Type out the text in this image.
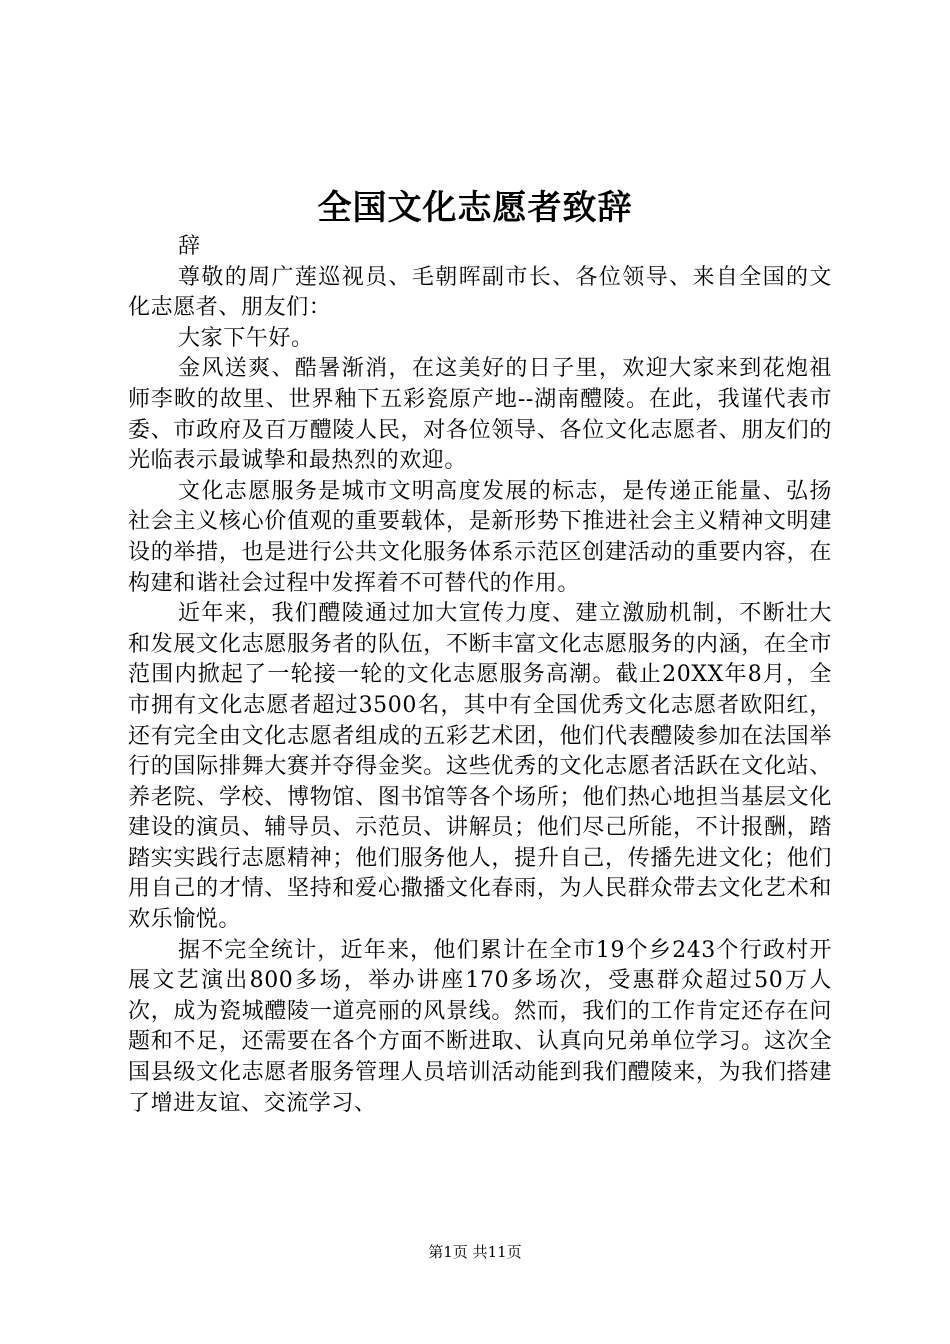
全国文化志愿者致辞

辞

尊敬的周广莲巡视员、毛朝晖副市长、各位领导、来自全国的文化志愿者、朋友们：

大家下午好。

金风送爽、酷暑渐消，在这美好的日子里，欢迎大家来到花炮祖师李畋的故里、世界釉下五彩瓷原产地--湖南醴陵。在此，我谨代表市委、市政府及百万醴陵人民，对各位领导、各位文化志愿者、朋友们的光临表示最诚挚和最热烈的欢迎。

文化志愿服务是城市文明高度发展的标志，是传递正能量、弘扬社会主义核心价值观的重要载体，是新形势下推进社会主义精神文明建设的举措，也是进行公共文化服务体系示范区创建活动的重要内容，在构建和谐社会过程中发挥着不可替代的作用。

近年来，我们醴陵通过加大宣传力度、建立激励机制，不断壮大和发展文化志愿服务者的队伍，不断丰富文化志愿服务的内涵，在全市范围内掀起了一轮接一轮的文化志愿服务高潮。截止20XX年8月，全市拥有文化志愿者超过3500名，其中有全国优秀文化志愿者欧阳红，还有完全由文化志愿者组成的五彩艺术团，他们代表醴陵参加在法国举行的国际排舞大赛并夺得金奖。这些优秀的文化志愿者活跃在文化站、养老院、学校、博物馆、图书馆等各个场所；他们热心地担当基层文化建设的演员、辅导员、示范员、讲解员；他们尽己所能，不计报酬，踏踏实实践行志愿精神；他们服务他人，提升自己，传播先进文化；他们用自己的才情、坚持和爱心撒播文化春雨，为人民群众带去文化艺术和欢乐愉悦。

据不完全统计，近年来，他们累计在全市19个乡243个行政村开展文艺演出800多场，举办讲座170多场次，受惠群众超过50万人次，成为瓷城醴陵一道亮丽的风景线。然而，我们的工作肯定还存在问题和不足，还需要在各个方面不断进取、认真向兄弟单位学习。这次全国县级文化志愿者服务管理人员培训活动能到我们醴陵来，为我们搭建了增进友谊、交流学习、

第1页 共11页
